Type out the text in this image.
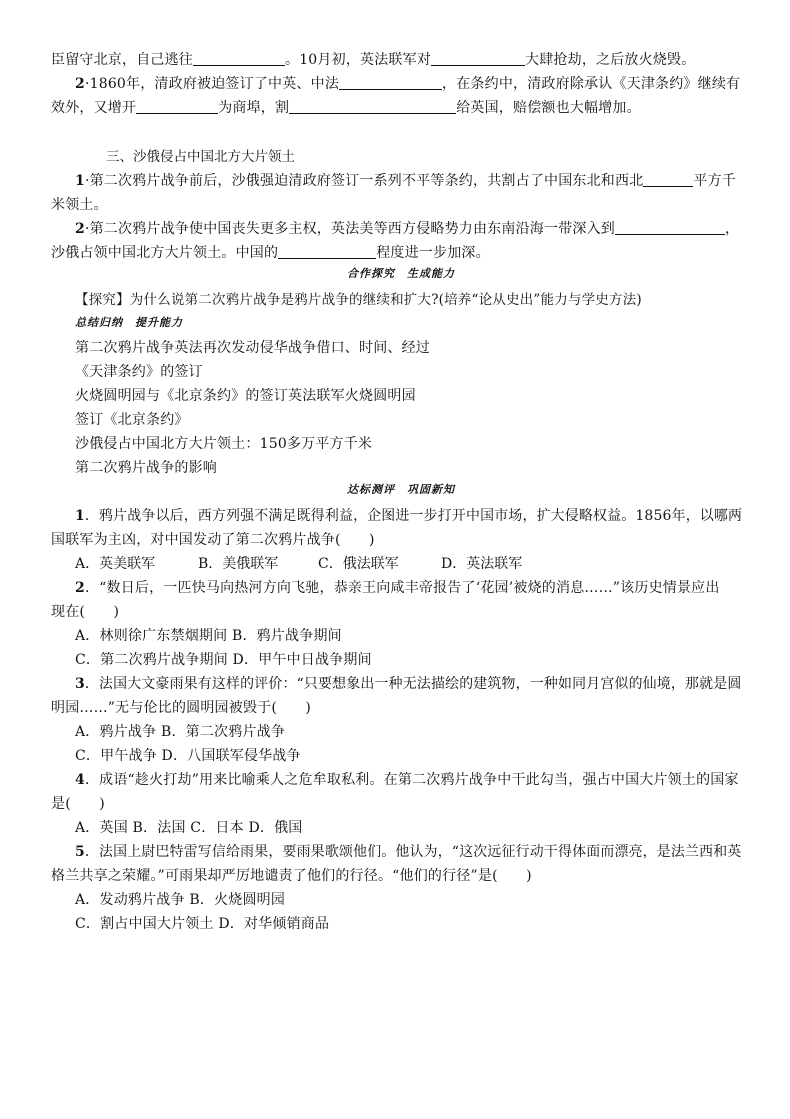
臣留守北京，自己逃往	。10月初，英法联军对	大肆抢劫，之后放火烧毁。
2·1860年，清政府被迫签订了中英、中法	，在条约中，清政府除承认《天津条约》继续有
效外，又增开	为商埠，割	给英国，赔偿额也大幅增加。
三、沙俄侵占中国北方大片领土
1·第二次鸦片战争前后，沙俄强迫清政府签订一系列不平等条约，共割占了中国东北和西北	平方千
米领土。
2·第二次鸦片战争使中国丧失更多主权，英法美等西方侵略势力由东南沿海一带深入到	，
沙俄占领中国北方大片领土。中国的	程度进一步加深。
合作探究　生成能力
【探究】为什么说第二次鸦片战争是鸦片战争的继续和扩大?(培养“论从史出”能力与学史方法)
总结归纳　提升能力
第二次鸦片战争英法再次发动侵华战争借口、时间、经过
《天津条约》的签订
火烧圆明园与《北京条约》的签订英法联军火烧圆明园
签订《北京条约》
沙俄侵占中国北方大片领土：150多万平方千米
第二次鸦片战争的影响
达标测评　巩固新知
1．鸦片战争以后，西方列强不满足既得利益，企图进一步打开中国市场，扩大侵略权益。1856年，以哪两
国联军为主凶，对中国发动了第二次鸦片战争(　　)
A．英美联军	B．美俄联军	C．俄法联军	D．英法联军
2．“数日后，一匹快马向热河方向飞驰，恭亲王向咸丰帝报告了‘花园’被烧的消息……”该历史情景应出
现在(　　)
A．林则徐广东禁烟期间 B．鸦片战争期间
C．第二次鸦片战争期间 D．甲午中日战争期间
3．法国大文豪雨果有这样的评价：“只要想象出一种无法描绘的建筑物，一种如同月宫似的仙境，那就是圆
明园……”无与伦比的圆明园被毁于(　　)
A．鸦片战争 B．第二次鸦片战争
C．甲午战争 D．八国联军侵华战争
4．成语“趁火打劫”用来比喻乘人之危牟取私利。在第二次鸦片战争中干此勾当，强占中国大片领土的国家
是(　　)
A．英国 B．法国 C．日本 D．俄国
5．法国上尉巴特雷写信给雨果，要雨果歌颂他们。他认为，“这次远征行动干得体面而漂亮，是法兰西和英
格兰共享之荣耀。”可雨果却严厉地谴责了他们的行径。“他们的行径”是(　　)
A．发动鸦片战争 B．火烧圆明园
C．割占中国大片领土 D．对华倾销商品
